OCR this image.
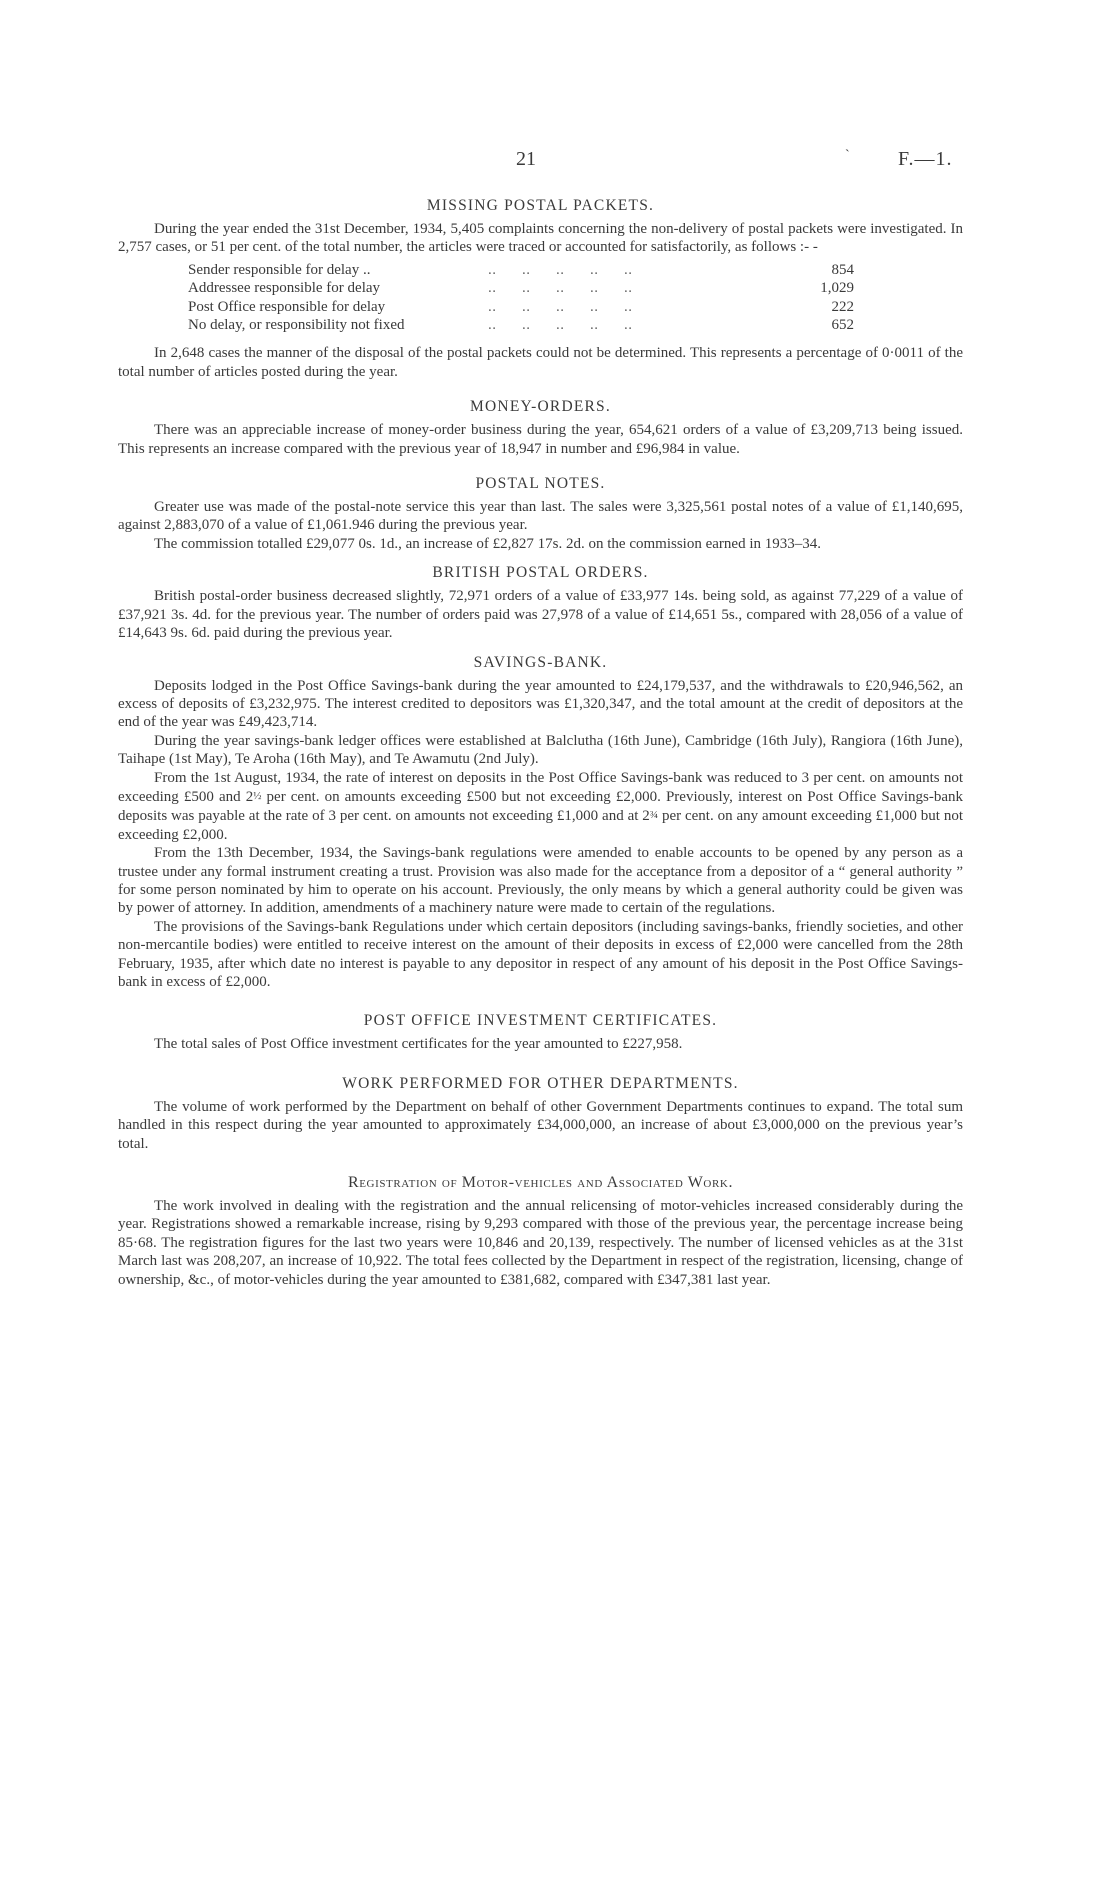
21	` F.—1.
MISSING POSTAL PACKETS.

During the year ended the 31st December, 1934, 5,405 complaints concerning the non-delivery of postal packets were investigated. In 2,757 cases, or 51 per cent. of the total number, the articles were traced or accounted for satisfactorily, as follows :- -

Sender responsible for delay ..	..      ..      ..      ..      ..	854
Addressee responsible for delay	..      ..      ..      ..      ..	1,029
Post Office responsible for delay	..      ..      ..      ..      ..	222
No delay, or responsibility not fixed	..      ..      ..      ..      ..	652

In 2,648 cases the manner of the disposal of the postal packets could not be determined. This represents a percentage of 0·0011 of the total number of articles posted during the year.

MONEY-ORDERS.

There was an appreciable increase of money-order business during the year, 654,621 orders of a value of £3,209,713 being issued. This represents an increase compared with the previous year of 18,947 in number and £96,984 in value.

POSTAL NOTES.

Greater use was made of the postal-note service this year than last. The sales were 3,325,561 postal notes of a value of £1,140,695, against 2,883,070 of a value of £1,061.946 during the previous year.

The commission totalled £29,077 0s. 1d., an increase of £2,827 17s. 2d. on the commission earned in 1933–34.

BRITISH POSTAL ORDERS.

British postal-order business decreased slightly, 72,971 orders of a value of £33,977 14s. being sold, as against 77,229 of a value of £37,921 3s. 4d. for the previous year. The number of orders paid was 27,978 of a value of £14,651 5s., compared with 28,056 of a value of £14,643 9s. 6d. paid during the previous year.

SAVINGS-BANK.

Deposits lodged in the Post Office Savings-bank during the year amounted to £24,179,537, and the withdrawals to £20,946,562, an excess of deposits of £3,232,975. The interest credited to depositors was £1,320,347, and the total amount at the credit of depositors at the end of the year was £49,423,714.

During the year savings-bank ledger offices were established at Balclutha (16th June), Cambridge (16th July), Rangiora (16th June), Taihape (1st May), Te Aroha (16th May), and Te Awamutu (2nd July).

From the 1st August, 1934, the rate of interest on deposits in the Post Office Savings-bank was reduced to 3 per cent. on amounts not exceeding £500 and 2½ per cent. on amounts exceeding £500 but not exceeding £2,000. Previously, interest on Post Office Savings-bank deposits was payable at the rate of 3 per cent. on amounts not exceeding £1,000 and at 2¾ per cent. on any amount exceeding £1,000 but not exceeding £2,000.

From the 13th December, 1934, the Savings-bank regulations were amended to enable accounts to be opened by any person as a trustee under any formal instrument creating a trust. Provision was also made for the acceptance from a depositor of a “ general authority ” for some person nominated by him to operate on his account. Previously, the only means by which a general authority could be given was by power of attorney. In addition, amendments of a machinery nature were made to certain of the regulations.

The provisions of the Savings-bank Regulations under which certain depositors (including savings-banks, friendly societies, and other non-mercantile bodies) were entitled to receive interest on the amount of their deposits in excess of £2,000 were cancelled from the 28th February, 1935, after which date no interest is payable to any depositor in respect of any amount of his deposit in the Post Office Savings-bank in excess of £2,000.

POST OFFICE INVESTMENT CERTIFICATES.

The total sales of Post Office investment certificates for the year amounted to £227,958.

WORK PERFORMED FOR OTHER DEPARTMENTS.

The volume of work performed by the Department on behalf of other Government Departments continues to expand. The total sum handled in this respect during the year amounted to approximately £34,000,000, an increase of about £3,000,000 on the previous year’s total.

Registration of Motor-vehicles and Associated Work.

The work involved in dealing with the registration and the annual relicensing of motor-vehicles increased considerably during the year. Registrations showed a remarkable increase, rising by 9,293 compared with those of the previous year, the percentage increase being 85·68. The registration figures for the last two years were 10,846 and 20,139, respectively. The number of licensed vehicles as at the 31st March last was 208,207, an increase of 10,922. The total fees collected by the Department in respect of the registration, licensing, change of ownership, &c., of motor-vehicles during the year amounted to £381,682, compared with £347,381 last year.
